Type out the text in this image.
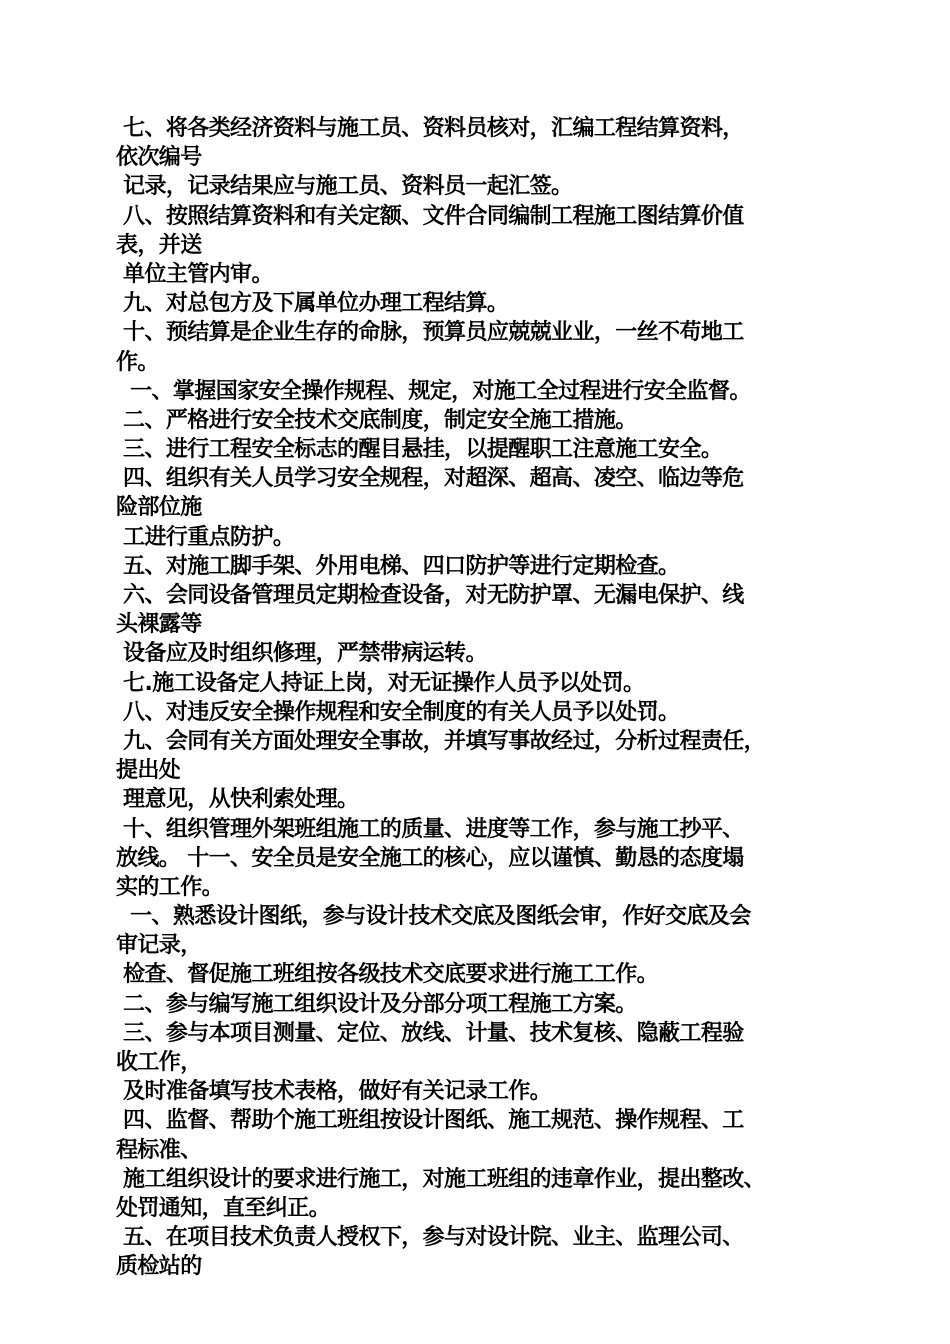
七、将各类经济资料与施工员、资料员核对，汇编工程结算资料，
依次编号
记录，记录结果应与施工员、资料员一起汇签。
八、按照结算资料和有关定额、文件合同编制工程施工图结算价值
表，并送
单位主管内审。
九、对总包方及下属单位办理工程结算。
十、预结算是企业生存的命脉，预算员应兢兢业业，一丝不苟地工
作。
一、掌握国家安全操作规程、规定，对施工全过程进行安全监督。
二、严格进行安全技术交底制度，制定安全施工措施。
三、进行工程安全标志的醒目悬挂，以提醒职工注意施工安全。
四、组织有关人员学习安全规程，对超深、超高、凌空、临边等危
险部位施
工进行重点防护。
五、对施工脚手架、外用电梯、四口防护等进行定期检查。
六、会同设备管理员定期检查设备，对无防护罩、无漏电保护、线
头裸露等
设备应及时组织修理，严禁带病运转。
七.施工设备定人持证上岗，对无证操作人员予以处罚。
八、对违反安全操作规程和安全制度的有关人员予以处罚。
九、会同有关方面处理安全事故，并填写事故经过，分析过程责任，
提出处
理意见，从快利索处理。
十、组织管理外架班组施工的质量、进度等工作，参与施工抄平、
放线。 十一、安全员是安全施工的核心，应以谨慎、勤恳的态度塌
实的工作。
一、熟悉设计图纸，参与设计技术交底及图纸会审，作好交底及会
审记录，
检查、督促施工班组按各级技术交底要求进行施工工作。
二、参与编写施工组织设计及分部分项工程施工方案。
三、参与本项目测量、定位、放线、计量、技术复核、隐蔽工程验
收工作，
及时准备填写技术表格，做好有关记录工作。
四、监督、帮助个施工班组按设计图纸、施工规范、操作规程、工
程标准、
施工组织设计的要求进行施工，对施工班组的违章作业，提出整改、
处罚通知，直至纠正。
五、在项目技术负责人授权下，参与对设计院、业主、监理公司、
质检站的
